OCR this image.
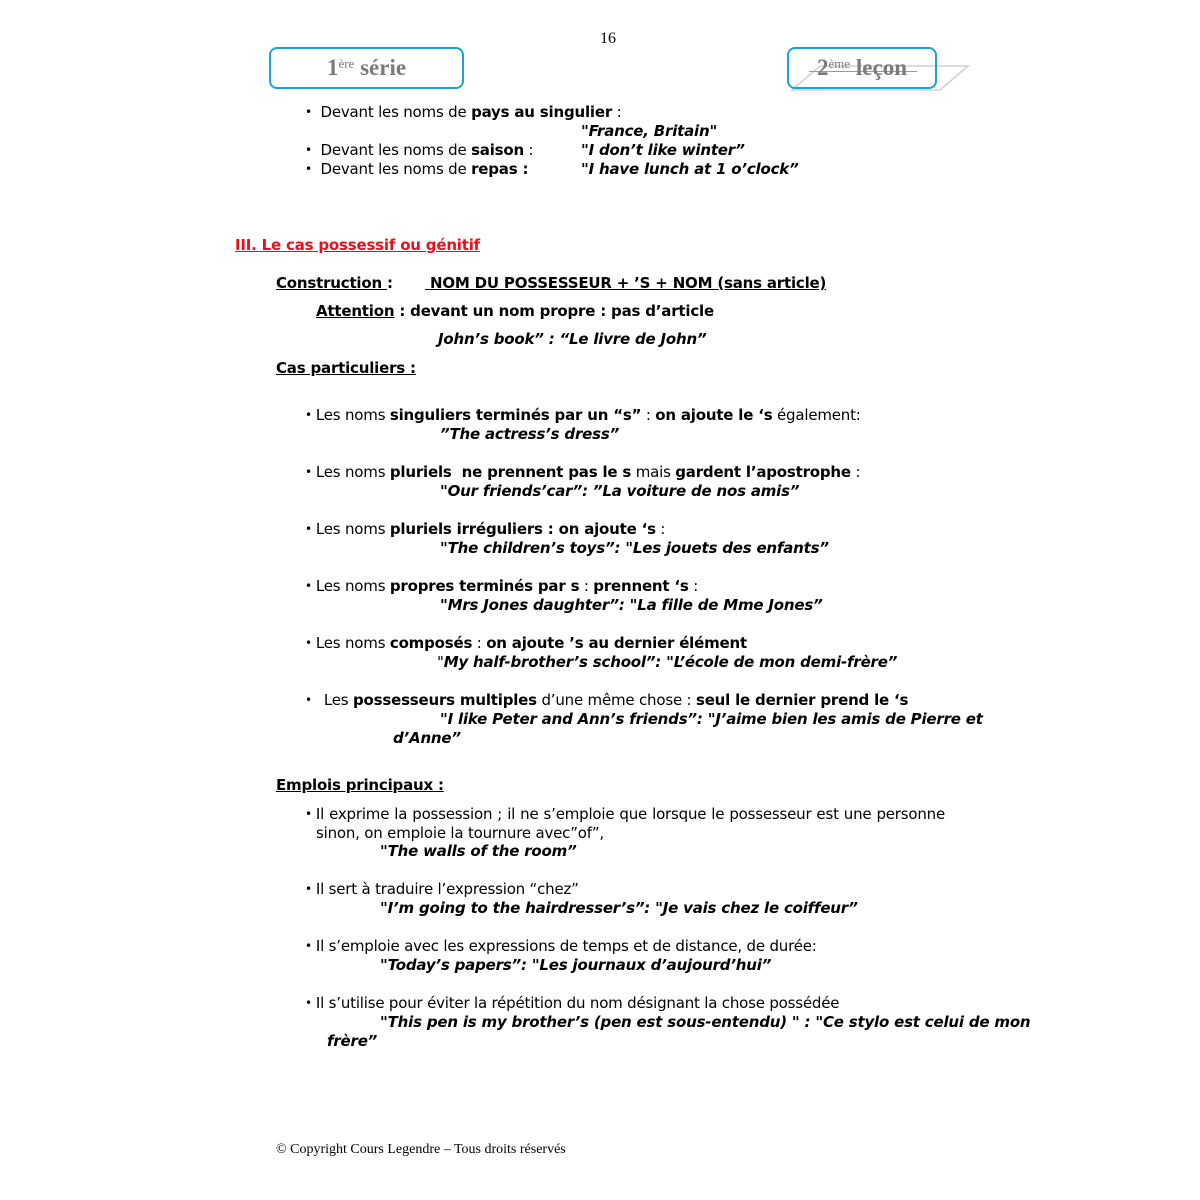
16
1ère série	2ème leçon
• Devant les noms de pays au singulier :
"France, Britain"
• Devant les noms de saison :	"I don’t like winter”
• Devant les noms de repas :	"I have lunch at 1 o’clock”
III. Le cas possessif ou génitif
Construction : NOM DU POSSESSEUR + ’S + NOM (sans article)
Attention : devant un nom propre : pas d’article
John’s book” : “Le livre de John”
Cas particuliers :
• Les noms singuliers terminés par un “s” : on ajoute le ‘s également:
”The actress’s dress”
• Les noms pluriels  ne prennent pas le s mais gardent l’apostrophe :
"Our friends’car”: ”La voiture de nos amis”
• Les noms pluriels irréguliers : on ajoute ‘s :
"The children’s toys”: "Les jouets des enfants”
• Les noms propres terminés par s : prennent ‘s :
"Mrs Jones daughter”: "La fille de Mme Jones”
• Les noms composés : on ajoute ’s au dernier élément
"My half-brother’s school”: "L’école de mon demi-frère”
• Les possesseurs multiples d’une même chose : seul le dernier prend le ‘s
"I like Peter and Ann’s friends”: "J’aime bien les amis de Pierre et
d’Anne”
Emplois principaux :
• Il exprime la possession ; il ne s’emploie que lorsque le possesseur est une personne
sinon, on emploie la tournure avec”of”,
"The walls of the room”
• Il sert à traduire l’expression “chez”
"I’m going to the hairdresser’s”: "Je vais chez le coiffeur”
• Il s’emploie avec les expressions de temps et de distance, de durée:
"Today’s papers”: "Les journaux d’aujourd’hui”
• Il s’utilise pour éviter la répétition du nom désignant la chose possédée
"This pen is my brother’s (pen est sous-entendu) " : "Ce stylo est celui de mon
frère”
© Copyright Cours Legendre – Tous droits réservés
